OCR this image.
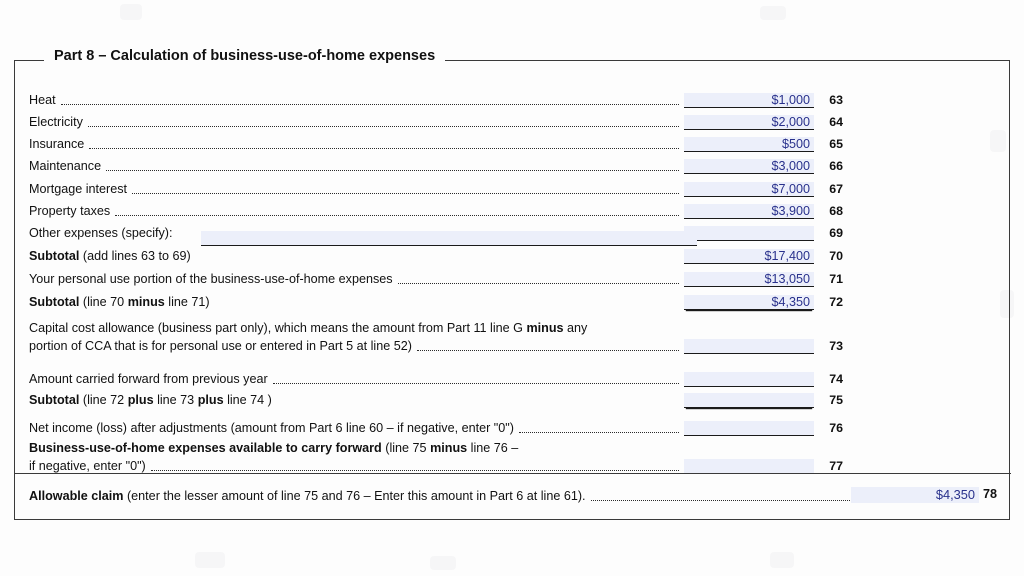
Heat	$1,000	63
Electricity	$2,000	64
Insurance	$500	65
Maintenance	$3,000	66
Mortgage interest	$7,000	67
Property taxes	$3,900	68
Other expenses (specify):	69
Subtotal (add lines 63 to 69)	$17,400	70
Your personal use portion of the business-use-of-home expenses	$13,050	71
Subtotal (line 70 minus line 71)	$4,350	72
Capital cost allowance (business part only), which means the amount from Part 11 line G minus any
portion of CCA that is for personal use or entered in Part 5 at line 52)	73
Amount carried forward from previous year	74
Subtotal (line 72 plus line 73 plus line 74 )	75
Net income (loss) after adjustments (amount from Part 6 line 60 – if negative, enter "0")	76
Business-use-of-home expenses available to carry forward (line 75 minus line 76 –
if negative, enter "0")	77
Allowable claim (enter the lesser amount of line 75 and 76 – Enter this amount in Part 6 at line 61).	$4,350 78
Part 8 – Calculation of business-use-of-home expenses
